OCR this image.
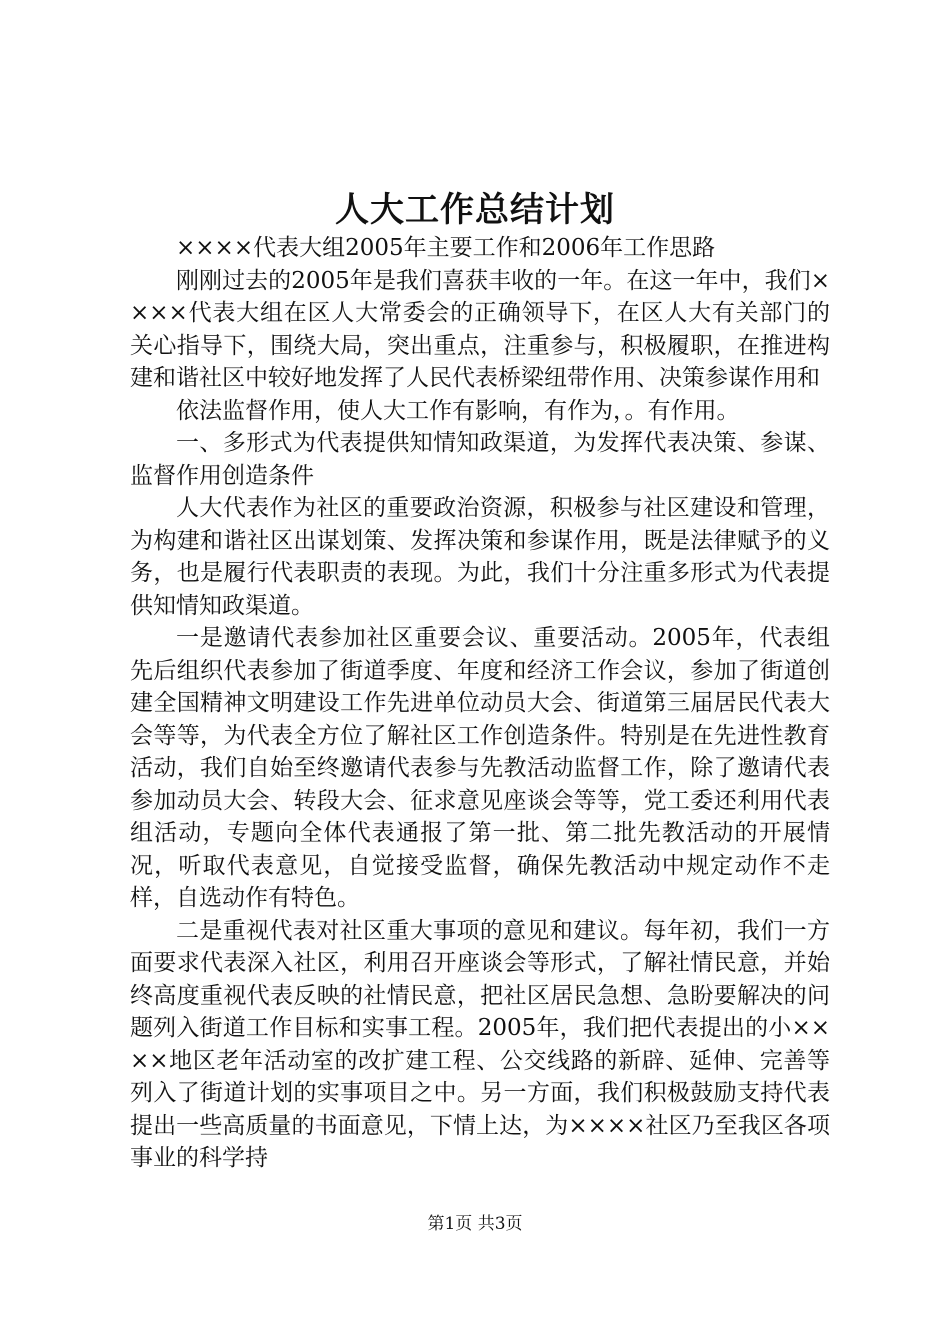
人大工作总结计划

××××代表大组2005年主要工作和2006年工作思路

刚刚过去的2005年是我们喜获丰收的一年。在这一年中，我们××××代表大组在区人大常委会的正确领导下，在区人大有关部门的关心指导下，围绕大局，突出重点，注重参与，积极履职，在推进构建和谐社区中较好地发挥了人民代表桥梁纽带作用、决策参谋作用和

依法监督作用，使人大工作有影响，有作为，。有作用。

一、多形式为代表提供知情知政渠道，为发挥代表决策、参谋、监督作用创造条件

人大代表作为社区的重要政治资源，积极参与社区建设和管理，为构建和谐社区出谋划策、发挥决策和参谋作用，既是法律赋予的义务，也是履行代表职责的表现。为此，我们十分注重多形式为代表提供知情知政渠道。

一是邀请代表参加社区重要会议、重要活动。2005年，代表组先后组织代表参加了街道季度、年度和经济工作会议，参加了街道创建全国精神文明建设工作先进单位动员大会、街道第三届居民代表大会等等，为代表全方位了解社区工作创造条件。特别是在先进性教育活动，我们自始至终邀请代表参与先教活动监督工作，除了邀请代表参加动员大会、转段大会、征求意见座谈会等等，党工委还利用代表组活动，专题向全体代表通报了第一批、第二批先教活动的开展情况，听取代表意见，自觉接受监督，确保先教活动中规定动作不走样，自选动作有特色。

二是重视代表对社区重大事项的意见和建议。每年初，我们一方面要求代表深入社区，利用召开座谈会等形式，了解社情民意，并始终高度重视代表反映的社情民意，把社区居民急想、急盼要解决的问题列入街道工作目标和实事工程。2005年，我们把代表提出的小××××地区老年活动室的改扩建工程、公交线路的新辟、延伸、完善等列入了街道计划的实事项目之中。另一方面，我们积极鼓励支持代表提出一些高质量的书面意见，下情上达，为××××社区乃至我区各项事业的科学持

第1页 共3页
